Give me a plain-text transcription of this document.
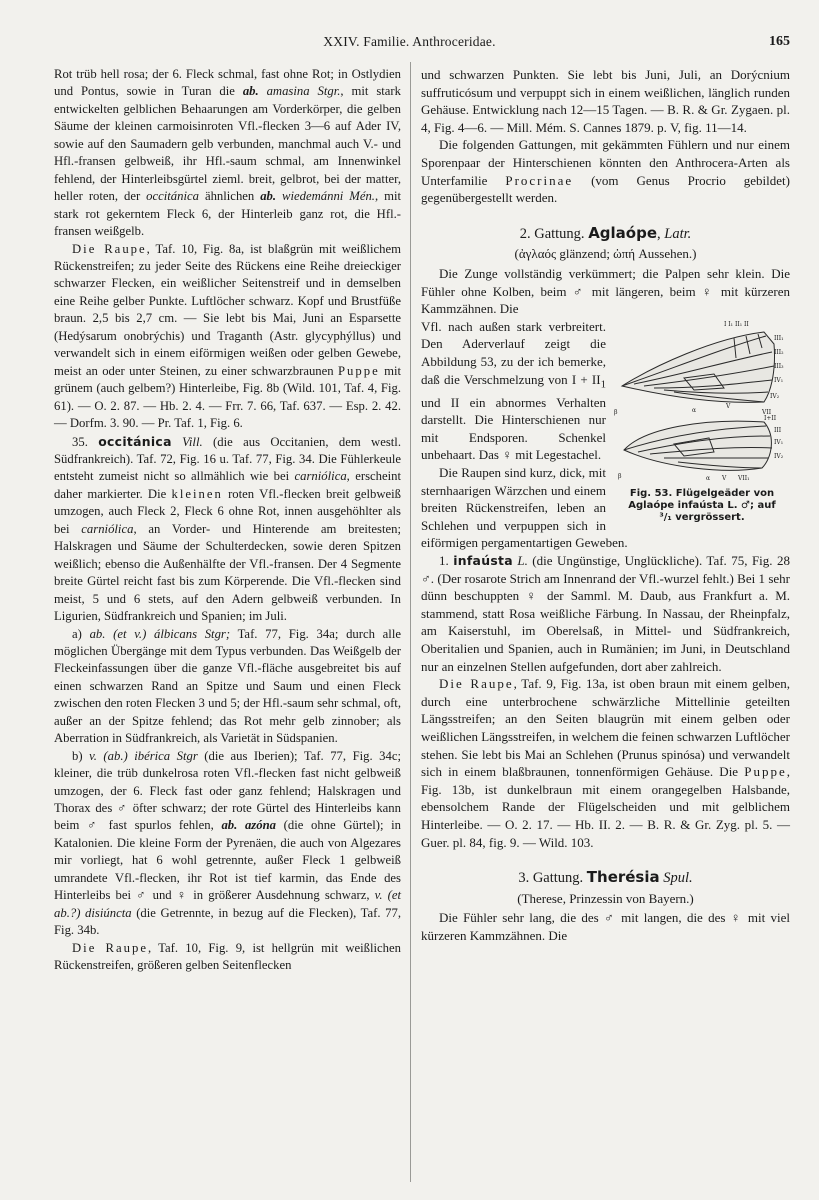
XXIV. Familie. Anthroceridae.	165

Rot trüb hell rosa; der 6. Fleck schmal, fast ohne Rot; in Ostlydien und Pontus, sowie in Turan die ab. amasina Stgr., mit stark entwickelten gelblichen Behaarungen am Vorderkörper, die gelben Säume der kleinen carmoisinroten Vfl.-flecken 3—6 auf Ader IV, sowie auf den Saumadern gelb verbunden, manchmal auch V.- und Hfl.-fransen gelbweiß, ihr Hfl.-saum schmal, am Innenwinkel fehlend, der Hinterleibsgürtel zieml. breit, gelbrot, bei der matter, heller roten, der occitánica ähnlichen ab. wiedemánni Mén., mit stark rot gekerntem Fleck 6, der Hinterleib ganz rot, die Hfl.-fransen weißgelb.

Die Raupe, Taf. 10, Fig. 8a, ist blaßgrün mit weißlichem Rückenstreifen; zu jeder Seite des Rückens eine Reihe dreieckiger schwarzer Flecken, ein weißlicher Seitenstreif und in demselben eine Reihe gelber Punkte. Luftlöcher schwarz. Kopf und Brustfüße braun. 2,5 bis 2,7 cm. — Sie lebt bis Mai, Juni an Esparsette (Hedýsarum onobrýchis) und Traganth (Astr. glycyphýllus) und verwandelt sich in einem eiförmigen weißen oder gelben Gewebe, meist an oder unter Steinen, zu einer schwarzbraunen Puppe mit grünem (auch gelbem?) Hinterleibe, Fig. 8b (Wild. 101, Taf. 4, Fig. 61). — O. 2. 87. — Hb. 2. 4. — Frr. 7. 66, Taf. 637. — Esp. 2. 42. — Dorfm. 3. 90. — Pr. Taf. 1, Fig. 6.

35. occitánica Vill. (die aus Occitanien, dem westl. Südfrankreich). Taf. 72, Fig. 16 u. Taf. 77, Fig. 34. Die Fühlerkeule entsteht zumeist nicht so allmählich wie bei carniólica, erscheint daher markierter. Die kleinen roten Vfl.-flecken breit gelbweiß umzogen, auch Fleck 2, Fleck 6 ohne Rot, innen ausgehöhlter als bei carniólica, an Vorder- und Hinterende am breitesten; Halskragen und Säume der Schulterdecken, sowie deren Spitzen weißlich; ebenso die Außenhälfte der Vfl.-fransen. Der 4 Segmente breite Gürtel reicht fast bis zum Körperende. Die Vfl.-flecken sind meist, 5 und 6 stets, auf den Adern gelbweiß verbunden. In Ligurien, Südfrankreich und Spanien; im Juli.

a) ab. (et v.) álbicans Stgr; Taf. 77, Fig. 34a; durch alle möglichen Übergänge mit dem Typus verbunden. Das Weißgelb der Fleckeinfassungen über die ganze Vfl.-fläche ausgebreitet bis auf einen schwarzen Rand an Spitze und Saum und einen Fleck zwischen den roten Flecken 3 und 5; der Hfl.-saum sehr schmal, oft, außer an der Spitze fehlend; das Rot mehr gelb zinnober; als Aberration in Südfrankreich, als Varietät in Südspanien.

b) v. (ab.) ibérica Stgr (die aus Iberien); Taf. 77, Fig. 34c; kleiner, die trüb dunkelrosa roten Vfl.-flecken fast nicht gelbweiß umzogen, der 6. Fleck fast oder ganz fehlend; Halskragen und Thorax des ♂ öfter schwarz; der rote Gürtel des Hinterleibs kann beim ♂ fast spurlos fehlen, ab. azóna (die ohne Gürtel); in Katalonien. Die kleine Form der Pyrenäen, die auch von Algezares mir vorliegt, hat 6 wohl getrennte, außer Fleck 1 gelbweiß umrandete Vfl.-flecken, ihr Rot ist tief karmin, das Ende des Hinterleibs bei ♂ und ♀ in größerer Ausdehnung schwarz, v. (et ab.?) disiúncta (die Getrennte, in bezug auf die Flecken), Taf. 77, Fig. 34b.

Die Raupe, Taf. 10, Fig. 9, ist hellgrün mit weißlichen Rückenstreifen, größeren gelben Seitenflecken

und schwarzen Punkten. Sie lebt bis Juni, Juli, an Dorýcnium suffruticósum und verpuppt sich in einem weißlichen, länglich runden Gehäuse. Entwicklung nach 12—15 Tagen. — B. R. & Gr. Zygaen. pl. 4, Fig. 4—6. — Mill. Mém. S. Cannes 1879. p. V, fig. 11—14.

Die folgenden Gattungen, mit gekämmten Fühlern und nur einem Sporenpaar der Hinterschienen könnten den Anthrocera-Arten als Unterfamilie Procrinae (vom Genus Procrio gebildet) gegenübergestellt werden.

2. Gattung. Aglaópe, Latr.

(ἀγλαός glänzend; ὠπή Aussehen.)

Die Zunge vollständig verkümmert; die Palpen sehr klein. Die Fühler ohne Kolben, beim ♂ mit längeren, beim ♀ mit kürzeren Kammzähnen. Die

I I₁ II₁ II
III₁
III₂
III₃
IV₁
IV₂
β	α
V
VII
I+II
III
IV₁
IV₂
β	α V VII₁
Fig. 53. Flügelgeäder von
Aglaópe infaústa L. ♂; auf
³/₁ vergrössert.

Vfl. nach außen stark verbreitert. Den Aderverlauf zeigt die Abbildung 53, zu der ich bemerke, daß die Verschmelzung von $I + II_1$ und II ein abnormes Verhalten darstellt. Die Hinterschienen nur mit Endsporen. Schenkel unbehaart. Das ♀ mit Legestachel.

Die Raupen sind kurz, dick, mit sternhaarigen Wärzchen und einem breiten Rückenstreifen, leben an Schlehen und verpuppen sich in eiförmigen pergamentartigen Geweben.

1. infaústa L. (die Ungünstige, Unglückliche). Taf. 75, Fig. 28 ♂. (Der rosarote Strich am Innenrand der Vfl.-wurzel fehlt.) Bei 1 sehr dünn beschuppten ♀ der Samml. M. Daub, aus Frankfurt a. M. stammend, statt Rosa weißliche Färbung. In Nassau, der Rheinpfalz, am Kaiserstuhl, im Oberelsaß, in Mittel- und Südfrankreich, Oberitalien und Spanien, auch in Rumänien; im Juni, in Deutschland nur an einzelnen Stellen aufgefunden, dort aber zahlreich.

Die Raupe, Taf. 9, Fig. 13a, ist oben braun mit einem gelben, durch eine unterbrochene schwärzliche Mittellinie geteilten Längsstreifen; an den Seiten blaugrün mit einem gelben oder weißlichen Längsstreifen, in welchem die feinen schwarzen Luftlöcher stehen. Sie lebt bis Mai an Schlehen (Prunus spinósa) und verwandelt sich in einem blaßbraunen, tonnenförmigen Gehäuse. Die Puppe, Fig. 13b, ist dunkelbraun mit einem orangegelben Halsbande, ebensolchem Rande der Flügelscheiden und mit gelblichem Hinterleibe. — O. 2. 17. — Hb. II. 2. — B. R. & Gr. Zyg. pl. 5. — Guer. pl. 84, fig. 9. — Wild. 103.

3. Gattung. Therésia Spul.

(Therese, Prinzessin von Bayern.)

Die Fühler sehr lang, die des ♂ mit langen, die des ♀ mit viel kürzeren Kammzähnen. Die
